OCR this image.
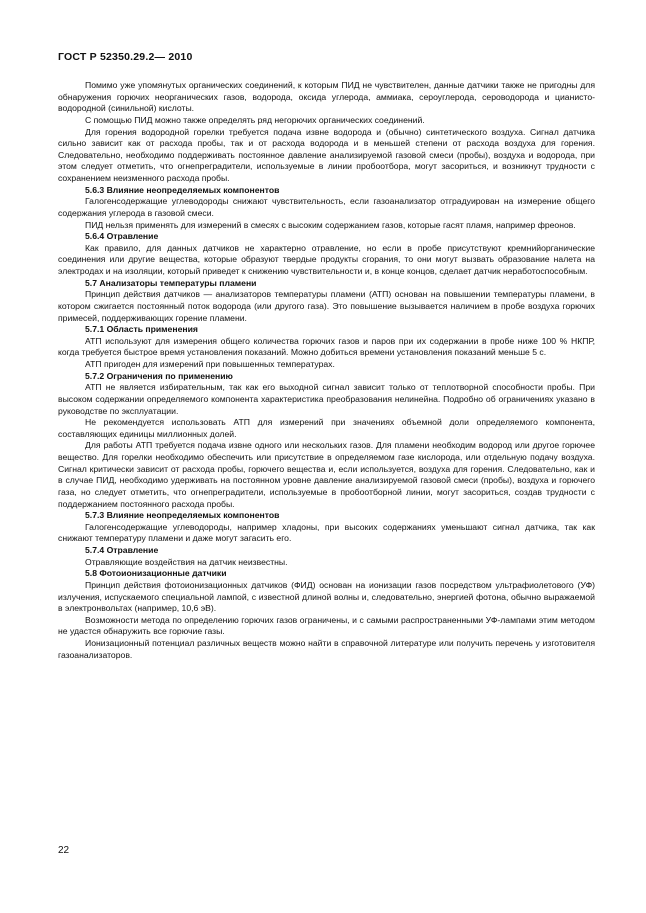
ГОСТ Р 52350.29.2— 2010
Помимо уже упомянутых органических соединений, к которым ПИД не чувствителен, данные датчики также не пригодны для обнаружения горючих неорганических газов, водорода, оксида углерода, аммиака, сероуглерода, сероводорода и цианисто-водородной (синильной) кислоты.
С помощью ПИД можно также определять ряд негорючих органических соединений.
Для горения водородной горелки требуется подача извне водорода и (обычно) синтетического воздуха. Сигнал датчика сильно зависит как от расхода пробы, так и от расхода водорода и в меньшей степени от расхода воздуха для горения. Следовательно, необходимо поддерживать постоянное давление анализируемой газовой смеси (пробы), воздуха и водорода, при этом следует отметить, что огнепреградители, используемые в линии пробоотбора, могут засориться, и возникнут трудности с сохранением неизменного расхода пробы.
5.6.3 Влияние неопределяемых компонентов
Галогенсодержащие углеводороды снижают чувствительность, если газоанализатор отградуирован на измерение общего содержания углерода в газовой смеси.
ПИД нельзя применять для измерений в смесях с высоким содержанием газов, которые гасят пламя, например фреонов.
5.6.4 Отравление
Как правило, для данных датчиков не характерно отравление, но если в пробе присутствуют кремнийорганические соединения или другие вещества, которые образуют твердые продукты сгорания, то они могут вызвать образование налета на электродах и на изоляции, который приведет к снижению чувствительности и, в конце концов, сделает датчик неработоспособным.
5.7 Анализаторы температуры пламени
Принцип действия датчиков — анализаторов температуры пламени (АТП) основан на повышении температуры пламени, в котором сжигается постоянный поток водорода (или другого газа). Это повышение вызывается наличием в пробе воздуха горючих примесей, поддерживающих горение пламени.
5.7.1 Область применения
АТП используют для измерения общего количества горючих газов и паров при их содержании в пробе ниже 100 % НКПР, когда требуется быстрое время установления показаний. Можно добиться времени установления показаний меньше 5 с.
АТП пригоден для измерений при повышенных температурах.
5.7.2 Ограничения по применению
АТП не является избирательным, так как его выходной сигнал зависит только от теплотворной способности пробы. При высоком содержании определяемого компонента характеристика преобразования нелинейна. Подробно об ограничениях указано в руководстве по эксплуатации.
Не рекомендуется использовать АТП для измерений при значениях объемной доли определяемого компонента, составляющих единицы миллионных долей.
Для работы АТП требуется подача извне одного или нескольких газов. Для пламени необходим водород или другое горючее вещество. Для горелки необходимо обеспечить или присутствие в определяемом газе кислорода, или отдельную подачу воздуха. Сигнал критически зависит от расхода пробы, горючего вещества и, если используется, воздуха для горения. Следовательно, как и в случае ПИД, необходимо удерживать на постоянном уровне давление анализируемой газовой смеси (пробы), воздуха и горючего газа, но следует отметить, что огнепреградители, используемые в пробоотборной линии, могут засориться, создав трудности с поддержанием постоянного расхода пробы.
5.7.3 Влияние неопределяемых компонентов
Галогенсодержащие углеводороды, например хладоны, при высоких содержаниях уменьшают сигнал датчика, так как снижают температуру пламени и даже могут загасить его.
5.7.4 Отравление
Отравляющие воздействия на датчик неизвестны.
5.8 Фотоионизационные датчики
Принцип действия фотоионизационных датчиков (ФИД) основан на ионизации газов посредством ультрафиолетового (УФ) излучения, испускаемого специальной лампой, с известной длиной волны и, следовательно, энергией фотона, обычно выражаемой в электронвольтах (например, 10,6 эВ).
Возможности метода по определению горючих газов ограничены, и с самыми распространенными УФ-лампами этим методом не удастся обнаружить все горючие газы.
Ионизационный потенциал различных веществ можно найти в справочной литературе или получить перечень у изготовителя газоанализаторов.
22
